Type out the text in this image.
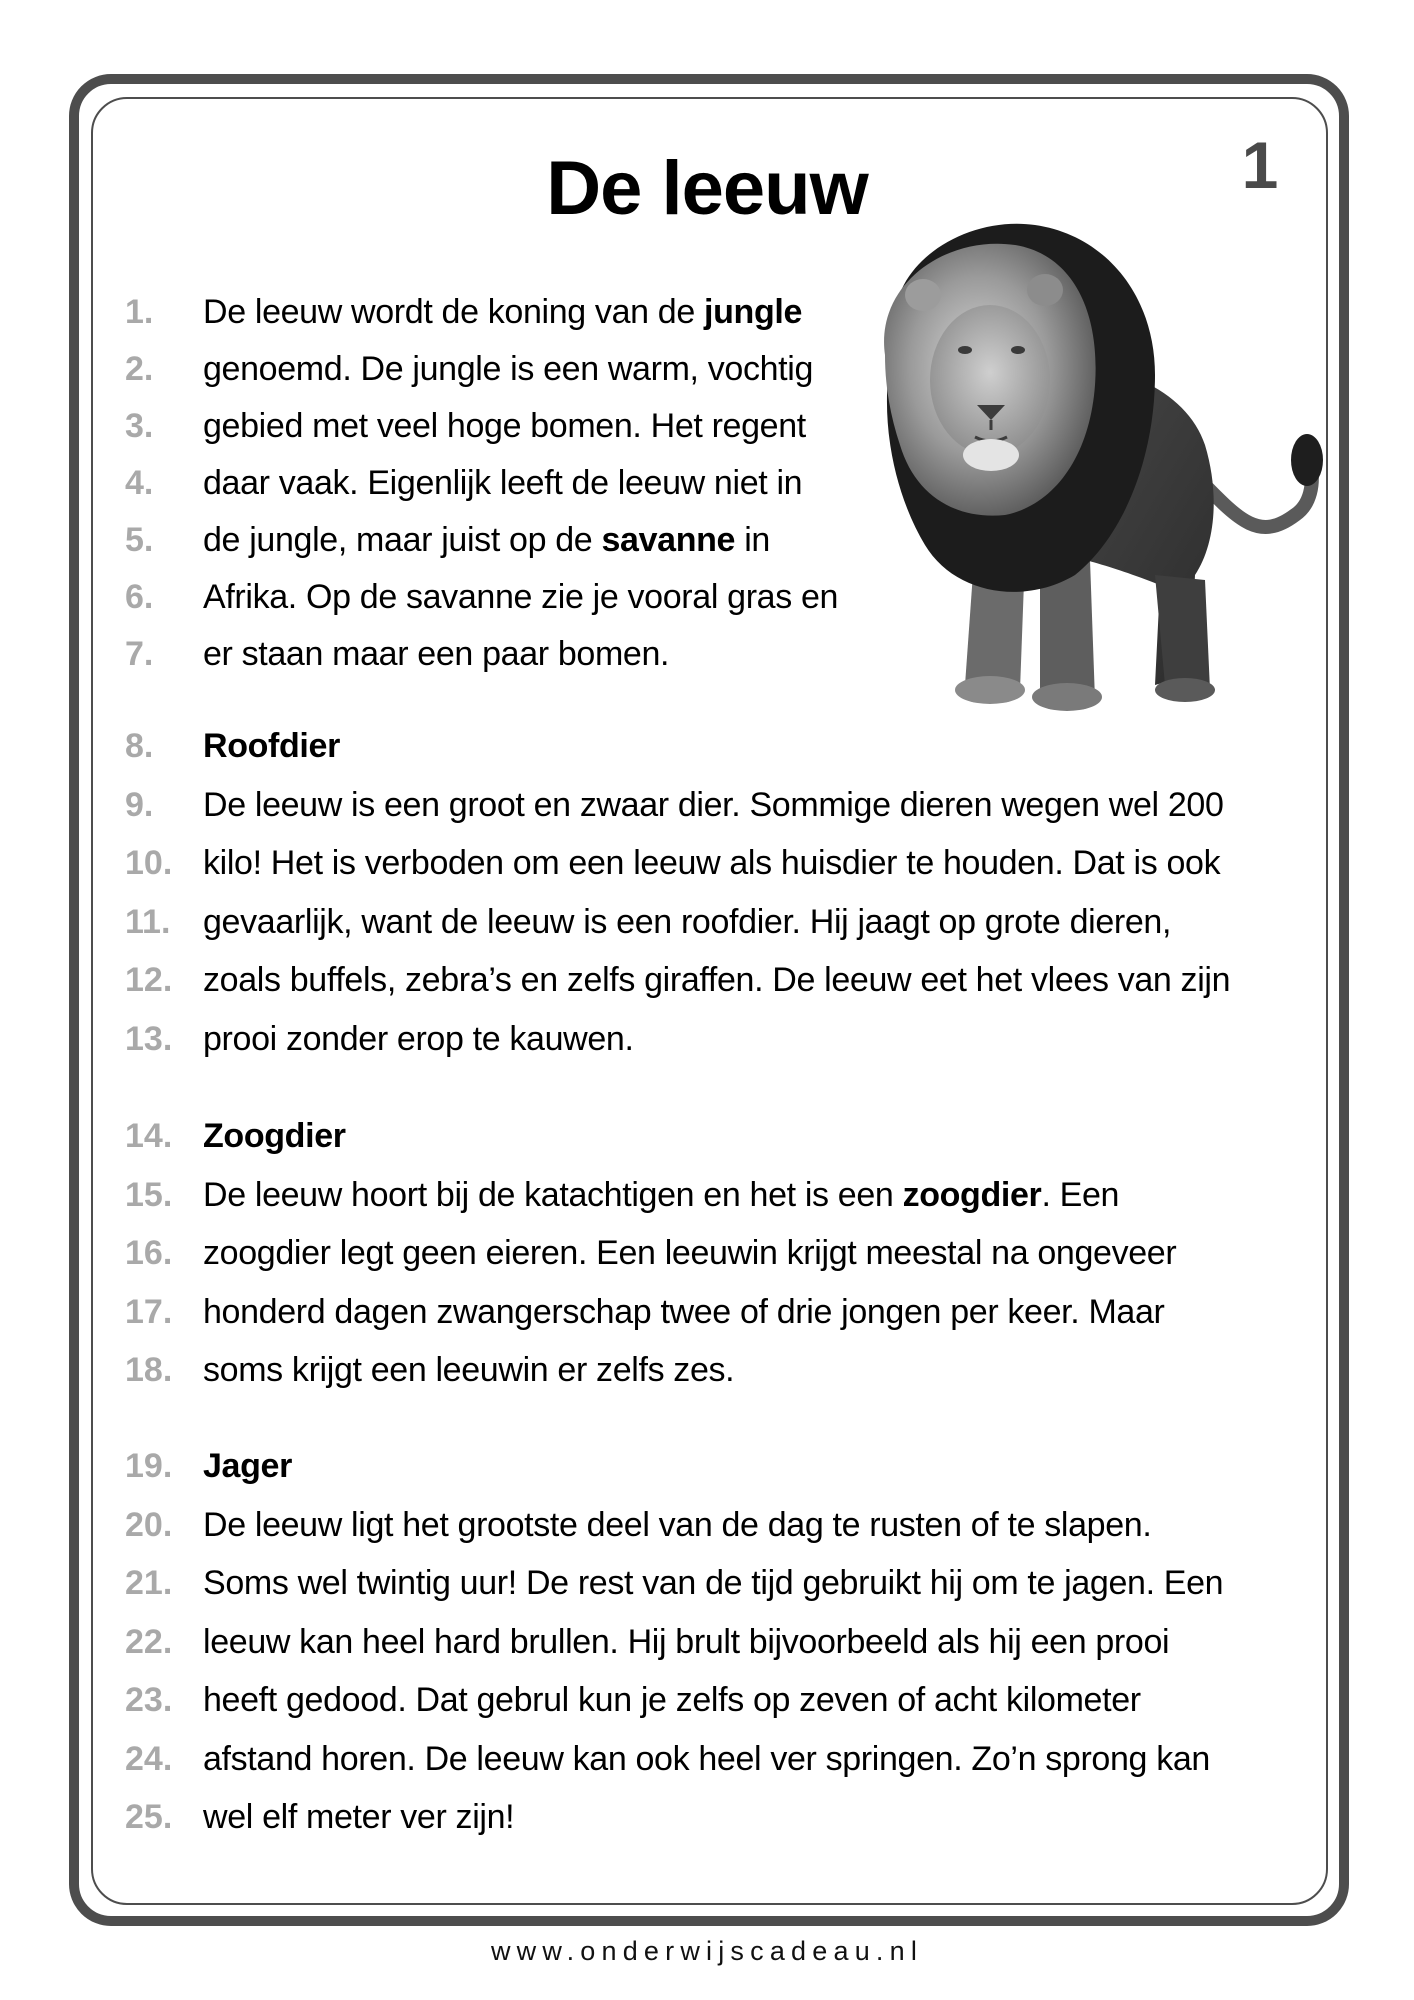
De leeuw	1
1.	De leeuw wordt de koning van de jungle
2.	genoemd. De jungle is een warm, vochtig
3.	gebied met veel hoge bomen. Het regent
4.	daar vaak. Eigenlijk leeft de leeuw niet in
5.	de jungle, maar juist op de savanne in
6.	Afrika. Op de savanne zie je vooral gras en
7.	er staan maar een paar bomen.
8.	Roofdier
9.	De leeuw is een groot en zwaar dier. Sommige dieren wegen wel 200
10. kilo! Het is verboden om een leeuw als huisdier te houden. Dat is ook
11. gevaarlijk, want de leeuw is een roofdier. Hij jaagt op grote dieren,
12. zoals buffels, zebra’s en zelfs giraffen. De leeuw eet het vlees van zijn
13. prooi zonder erop te kauwen.
14. Zoogdier
15. De leeuw hoort bij de katachtigen en het is een zoogdier. Een
16. zoogdier legt geen eieren. Een leeuwin krijgt meestal na ongeveer
17. honderd dagen zwangerschap twee of drie jongen per keer. Maar
18. soms krijgt een leeuwin er zelfs zes.
19. Jager
20. De leeuw ligt het grootste deel van de dag te rusten of te slapen.
21. Soms wel twintig uur! De rest van de tijd gebruikt hij om te jagen. Een
22. leeuw kan heel hard brullen. Hij brult bijvoorbeeld als hij een prooi
23. heeft gedood. Dat gebrul kun je zelfs op zeven of acht kilometer
24. afstand horen. De leeuw kan ook heel ver springen. Zo’n sprong kan
25. wel elf meter ver zijn!
www.onderwijscadeau.nl
